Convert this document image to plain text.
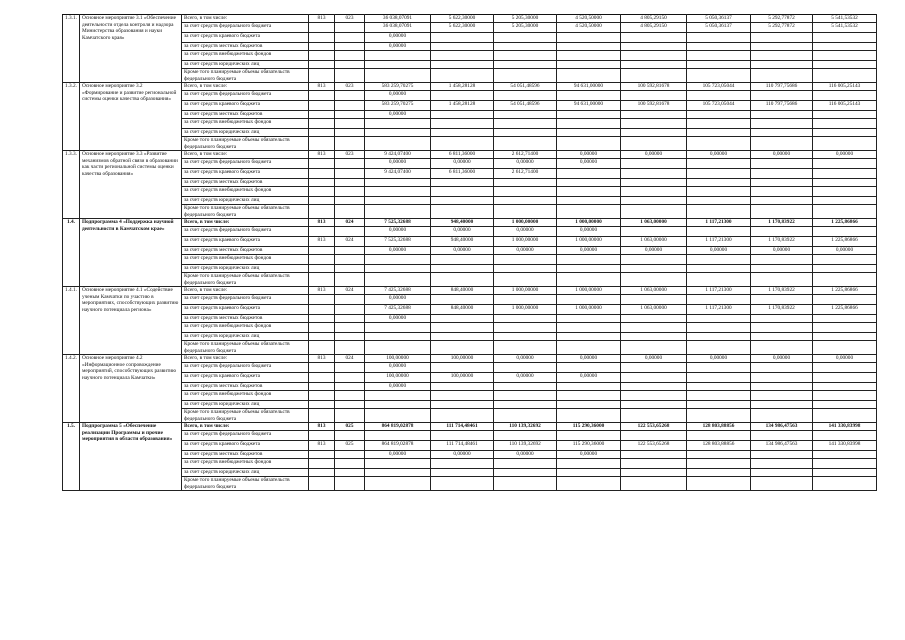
1.3.1.	Основное мероприятие 3.1 «Обеспечение деятельности отдела контроля и надзора Министерства образования и науки Камчатского края»	Всего, в том числе:	813	023	36 038,07091	5 622,30000	5 205,30000	4 520,50000	4 805,29150	5 050,36137	5 292,77872	5 541,53532
		за счет средств федерального бюджета			36 038,07091	5 622,30000	5 205,30000	4 520,50000	4 805,29150	5 050,36137	5 292,77872	5 541,53532
		за счет средств краевого бюджета			0,00000							
		за счет средств местных бюджетов			0,00000							
		за счет средств внебюджетных фондов										
		за счет средств юридических лиц										
		Кроме того планируемые объемы обязательств федерального бюджета										
1.3.2.	Основное мероприятие 3.2 «Формирование и развитие региональной системы оценки качества образования»	Всего, в том числе:	813	023	583 259,70275	1 458,28128	54 051,48596	94 631,00000	100 592,81678	105 723,05044	110 797,75686	116 005,25143
		за счет средств федерального бюджета			0,00000							
		за счет средств краевого бюджета			583 259,70275	1 458,28128	54 051,48596	94 631,00000	100 592,81678	105 723,05044	110 797,75686	116 005,25143
		за счет средств местных бюджетов			0,00000							
		за счет средств внебюджетных фондов										
		за счет средств юридических лиц										
		Кроме того планируемые объемы обязательств федерального бюджета										
1.3.3.	Основное мероприятие 3.3 «Развитие механизмов обратной связи в образовании как части региональной системы оценки качества образования»	Всего, в том числе:	813	023	9 424,07400	6 811,36000	2 612,71400	0,00000	0,00000	0,00000	0,00000	0,00000
		за счет средств федерального бюджета			0,00000	0,00000	0,00000	0,00000				
		за счет средств краевого бюджета			9 424,07400	6 811,36000	2 612,71400					
		за счет средств местных бюджетов										
		за счет средств внебюджетных фондов										
		за счет средств юридических лиц										
		Кроме того планируемые объемы обязательств федерального бюджета										
1.4.	Подпрограмма 4 «Поддержка научной деятельности в Камчатском крае»	Всего, в том числе:	813	024	7 525,32688	948,40000	1 000,00000	1 000,00000	1 063,00000	1 117,21300	1 170,83922	1 225,86866
		за счет средств федерального бюджета			0,00000	0,00000	0,00000	0,00000				
		за счет средств краевого бюджета	813	024	7 525,32688	948,40000	1 000,00000	1 000,00000	1 063,00000	1 117,21300	1 170,83922	1 225,86866
		за счет средств местных бюджетов			0,00000	0,00000	0,00000	0,00000	0,00000	0,00000	0,00000	0,00000
		за счет средств внебюджетных фондов										
		за счет средств юридических лиц										
		Кроме того планируемые объемы обязательств федерального бюджета										
1.4.1.	Основное мероприятие 4.1 «Содействие ученым Камчатки по участию в мероприятиях, способствующих развитию научного потенциала региона»	Всего, в том числе:	813	024	7 425,32688	848,40000	1 000,00000	1 000,00000	1 063,00000	1 117,21300	1 170,83922	1 225,86866
		за счет средств федерального бюджета			0,00000							
		за счет средств краевого бюджета			7 425,32688	848,40000	1 000,00000	1 000,00000	1 063,00000	1 117,21300	1 170,83922	1 225,86866
		за счет средств местных бюджетов			0,00000							
		за счет средств внебюджетных фондов										
		за счет средств юридических лиц										
		Кроме того планируемые объемы обязательств федерального бюджета										
1.4.2.	Основное мероприятие 4.2 «Информационное сопровождение мероприятий, способствующих развитию научного потенциала Камчатки»	Всего, в том числе:	813	024	100,00000	100,00000	0,00000	0,00000	0,00000	0,00000	0,00000	0,00000
		за счет средств федерального бюджета			0,00000							
		за счет средств краевого бюджета			100,00000	100,00000	0,00000	0,00000				
		за счет средств местных бюджетов			0,00000							
		за счет средств внебюджетных фондов										
		за счет средств юридических лиц										
		Кроме того планируемые объемы обязательств федерального бюджета										
1.5.	Подпрограмма 5 «Обеспечение реализации Программы и прочие мероприятия в области образования»	Всего, в том числе:	813	025	864 819,02878	111 714,48461	110 139,32692	115 290,36000	122 553,65268	128 803,88856	134 986,47563	141 330,83998
		за счет средств федерального бюджета										
		за счет средств краевого бюджета	813	025	864 819,02878	111 714,48461	110 139,32692	115 290,36000	122 553,65268	128 803,88856	134 986,47563	141 330,83998
		за счет средств местных бюджетов			0,00000	0,00000	0,00000	0,00000				
		за счет средств внебюджетных фондов										
		за счет средств юридических лиц										
		Кроме того планируемые объемы обязательств федерального бюджета										
